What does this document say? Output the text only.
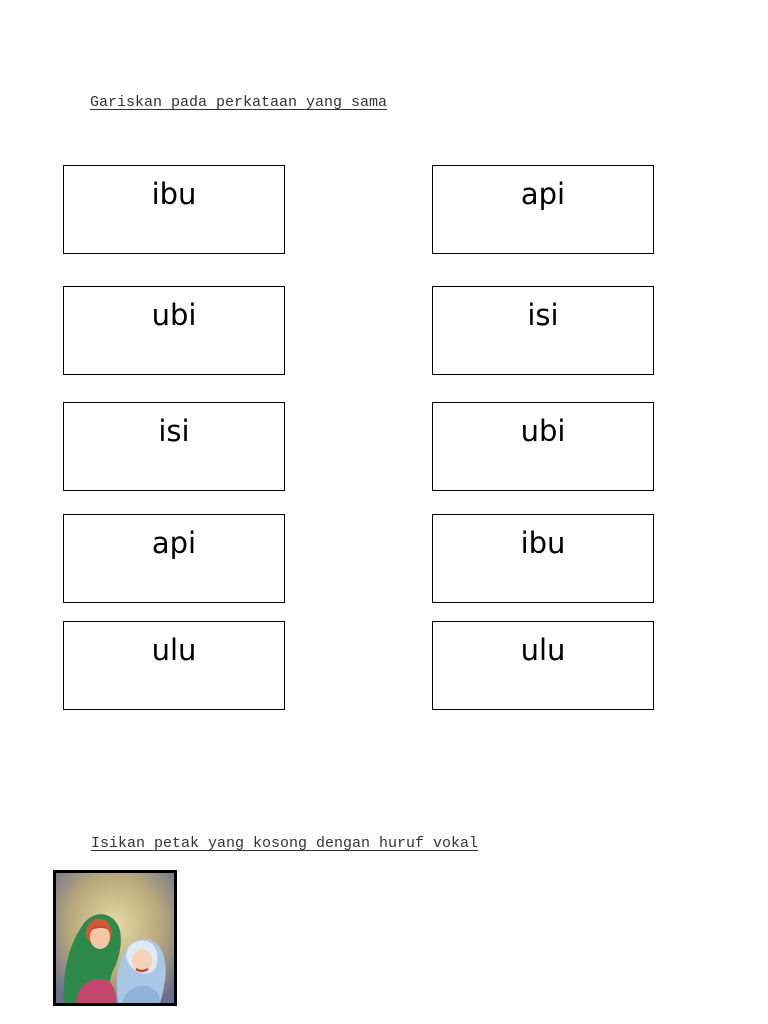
Gariskan pada perkataan yang sama
ibu
ubi
isi
api
ulu
api
isi
ubi
ibu
ulu
Isikan petak yang kosong dengan huruf vokal
